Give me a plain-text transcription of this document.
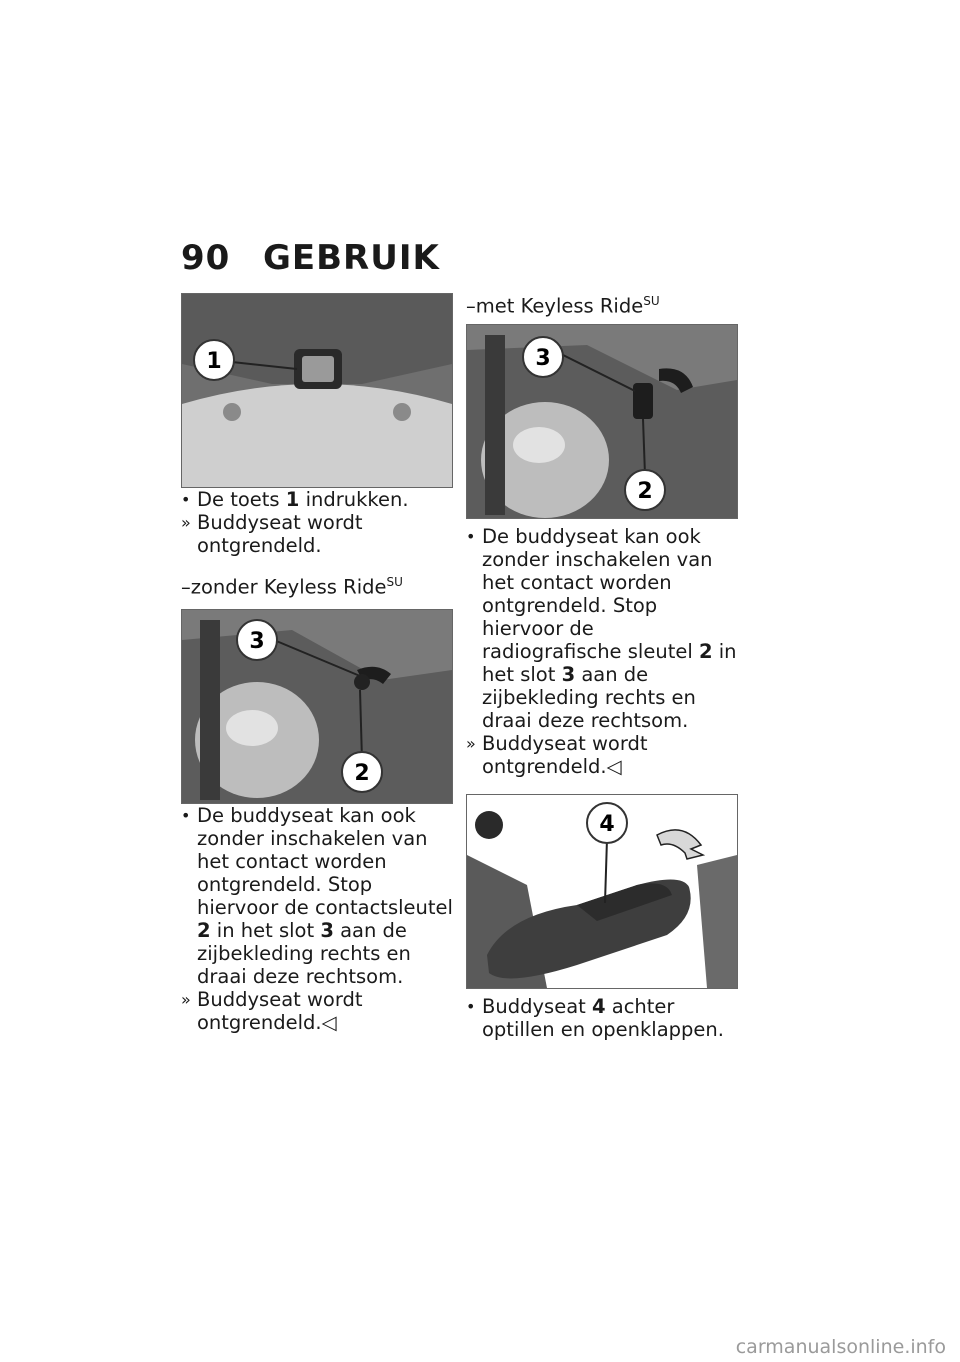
90 GEBRUIK
1

• De toets 1 indrukken.

» Buddyseat wordt ontgrendeld.

–zonder Keyless Ride$^{SU}$

3
2

• De buddyseat kan ook zonder inschakelen van het contact worden ontgrendeld. Stop hiervoor de contactsleutel 2 in het slot 3 aan de zijbekleding rechts en draai deze rechtsom.

» Buddyseat wordt ontgrendeld.◁

–met Keyless Ride$^{SU}$

3
2

• De buddyseat kan ook zonder inschakelen van het contact worden ontgrendeld. Stop hiervoor de radiografische sleutel 2 in het slot 3 aan de zijbekleding rechts en draai deze rechtsom.

» Buddyseat wordt ontgrendeld.◁

4

• Buddyseat 4 achter optillen en openklappen.

carmanualsonline.info
